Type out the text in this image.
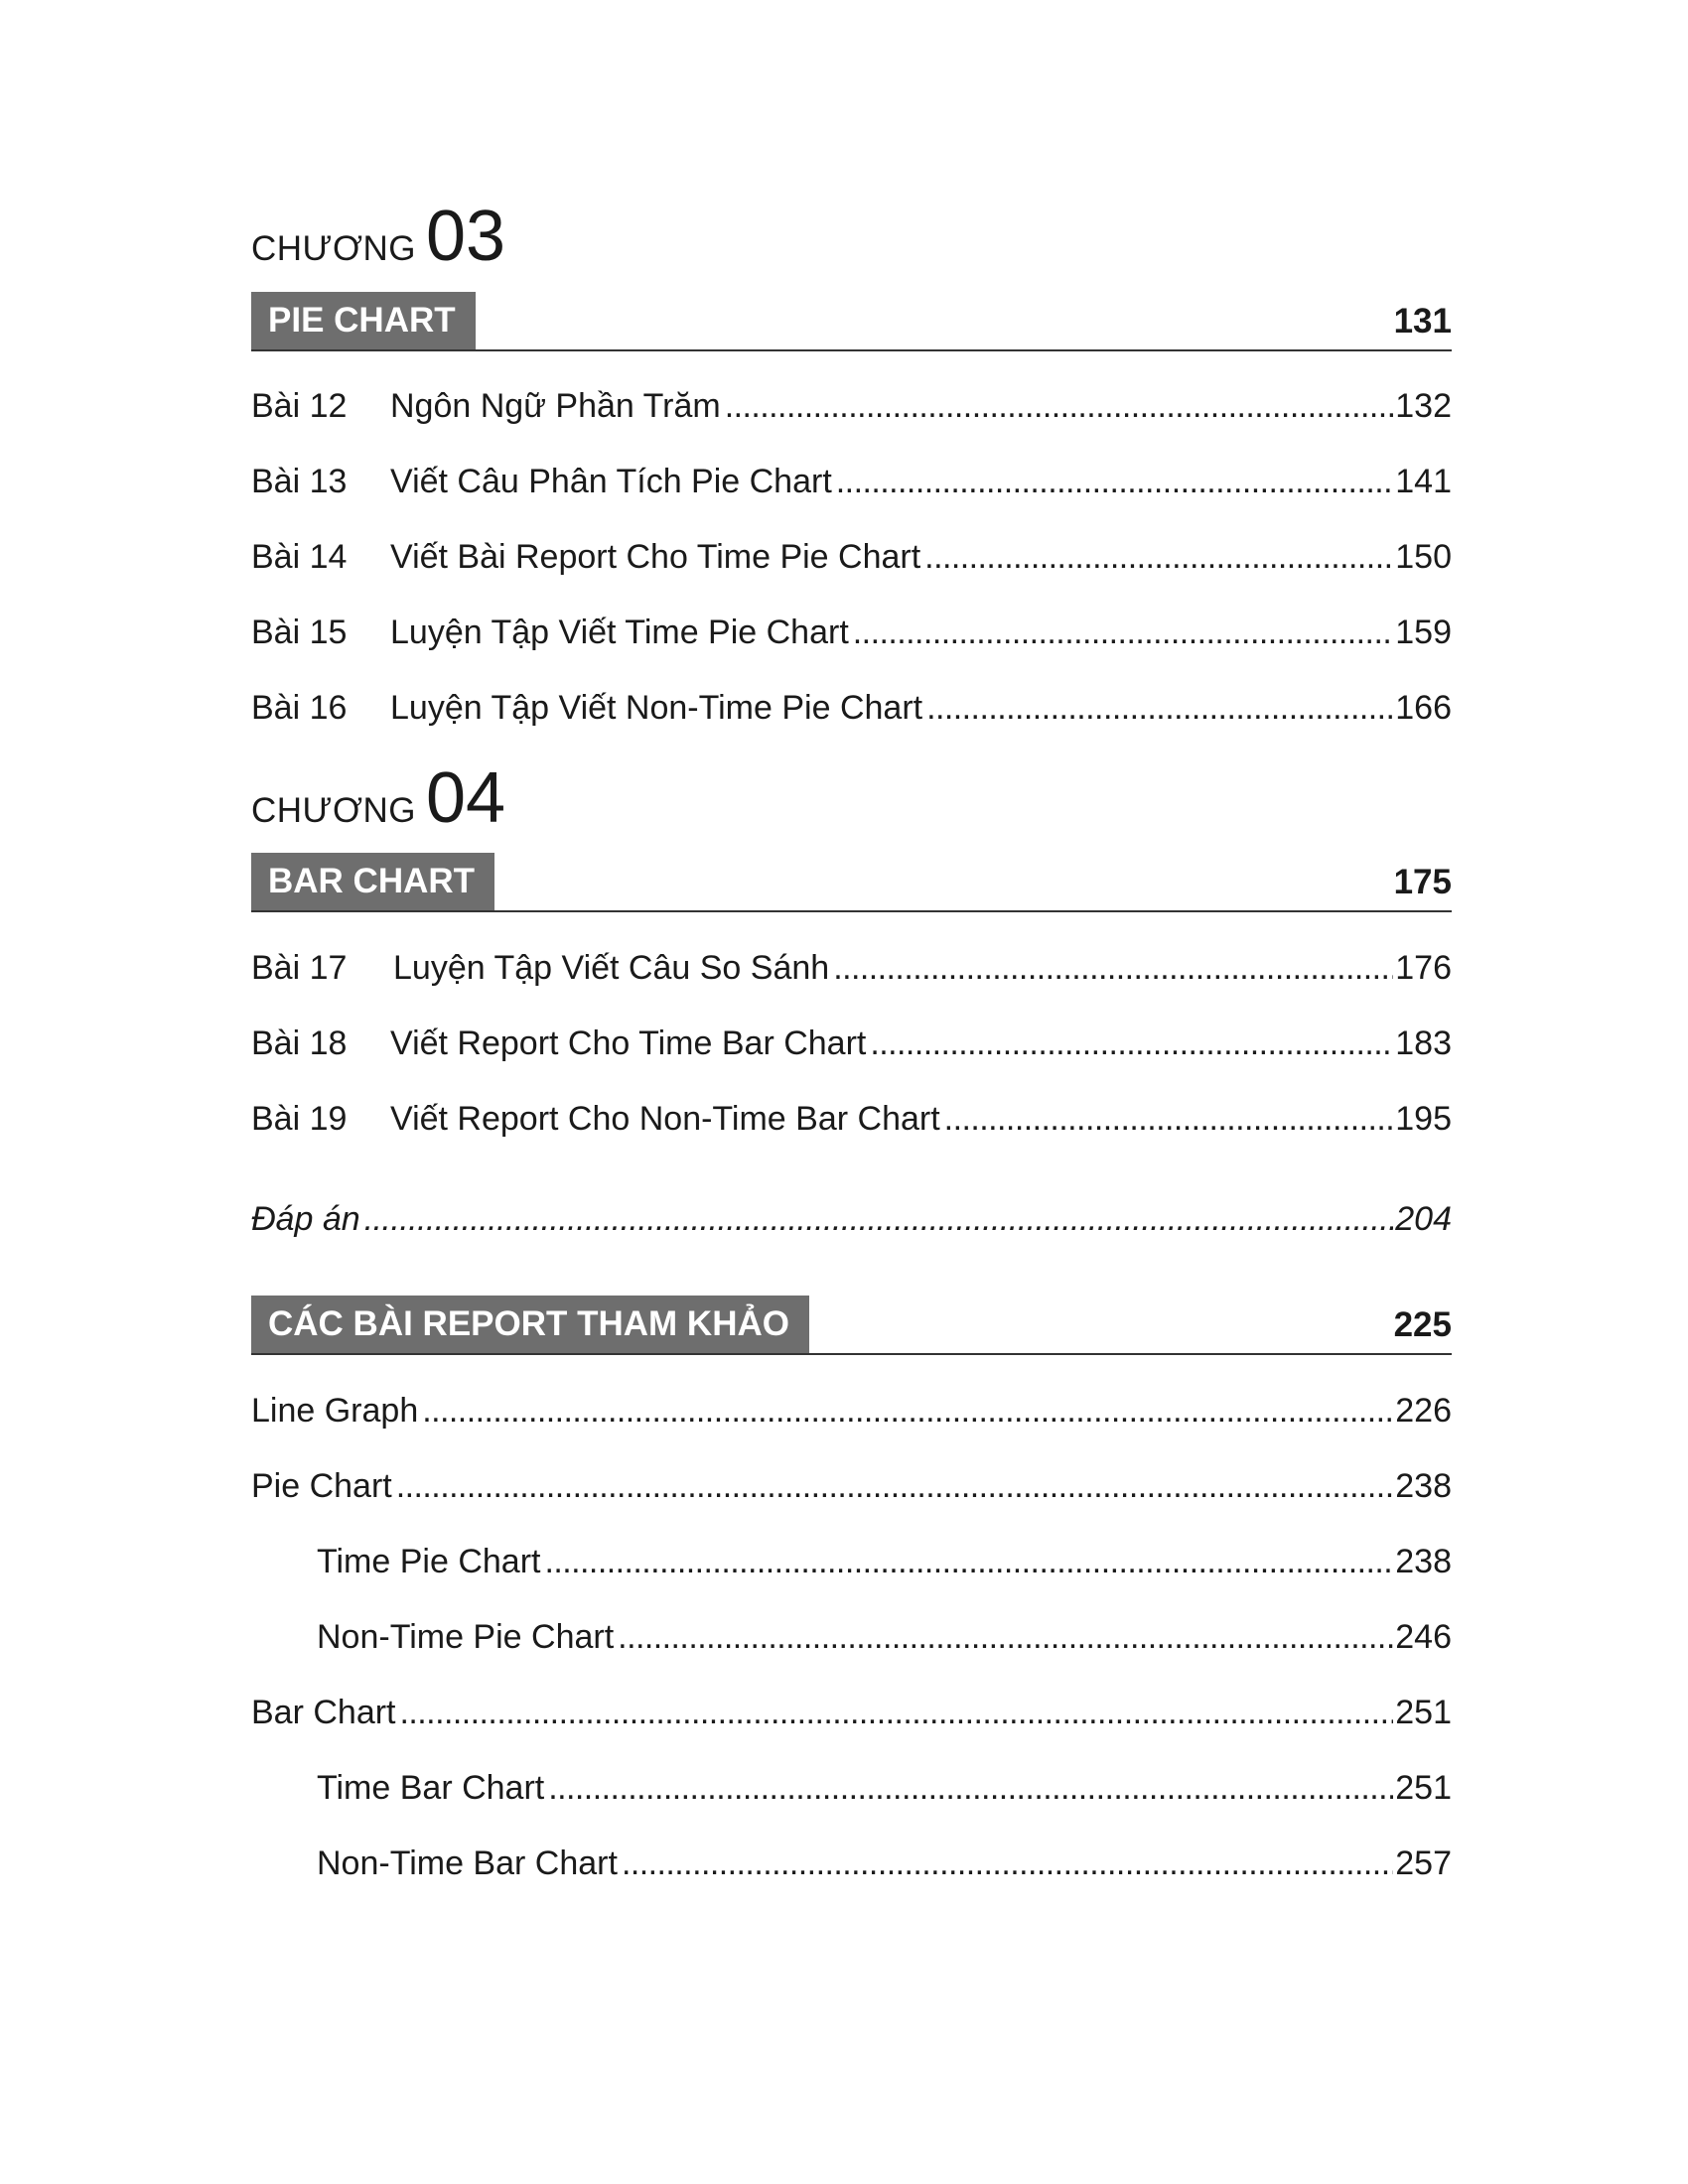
CHƯƠNG 03
PIE CHART	131
Bài 12 Ngôn Ngữ Phần Trăm . . .	132
Bài 13 Viết Câu Phân Tích Pie Chart . . .	141
Bài 14 Viết Bài Report Cho Time Pie Chart . . .	150
Bài 15 Luyện Tập Viết Time Pie Chart . . .	159
Bài 16 Luyện Tập Viết Non-Time Pie Chart . . .	166
CHƯƠNG 04
BAR CHART	175
Bài 17 Luyện Tập Viết Câu So Sánh . . .	176
Bài 18 Viết Report Cho Time Bar Chart . . .	183
Bài 19 Viết Report Cho Non-Time Bar Chart . . .	195
Đáp án . . .	204
CÁC BÀI REPORT THAM KHẢO	225
Line Graph . . .	226
Pie Chart . . .	238
Time Pie Chart . . .	238
Non-Time Pie Chart . . .	246
Bar Chart . . .	251
Time Bar Chart . . .	251
Non-Time Bar Chart . . .	257
